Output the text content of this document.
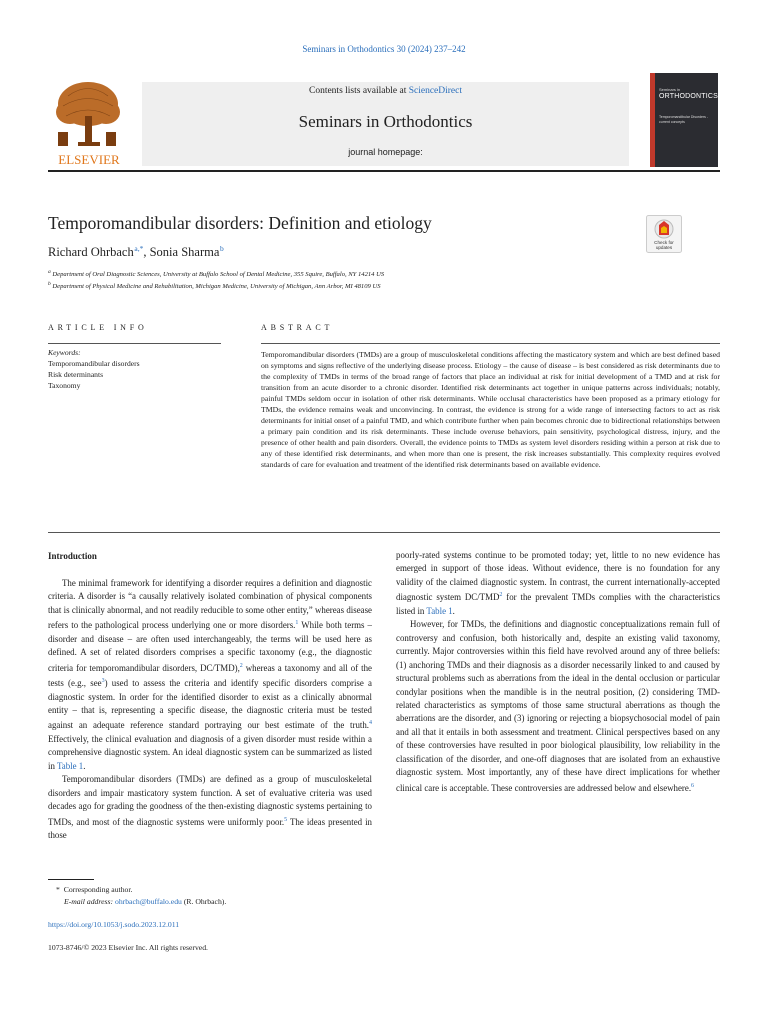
Seminars in Orthodontics 30 (2024) 237–242
ELSEVIER
Contents lists available at ScienceDirect
Seminars in Orthodontics
journal homepage:
Seminars in
ORTHODONTICS
Temporomandibular Disorders - current concepts
Temporomandibular disorders: Definition and etiology
Richard Ohrbach $^{a,*}$, Sonia Sharma $^b$
Check for updates
$^a$ Department of Oral Diagnostic Sciences, University at Buffalo School of Dental Medicine, 355 Squire, Buffalo, NY 14214 US
$^b$ Department of Physical Medicine and Rehabilitation, Michigan Medicine, University of Michigan, Ann Arbor, MI 48109 US
ARTICLE INFO	ABSTRACT
Keywords:
Temporomandibular disorders
Risk determinants
Taxonomy
Temporomandibular disorders (TMDs) are a group of musculoskeletal conditions affecting the masticatory system and which are best defined based on symptoms and signs reflective of the underlying disease process. Etiology – the cause of disease – is best considered as risk determinants due to the complexity of TMDs in terms of the broad range of factors that place an individual at risk for initial development of a TMD and at risk for transition from an acute disorder to a chronic disorder. Identified risk determinants act together in unique patterns across individuals; notably, painful TMDs seldom occur in isolation of other risk determinants. While occlusal characteristics have been proposed as a primary etiology for TMDs, the evidence remains weak and unconvincing. In contrast, the evidence is strong for a wide range of intersecting factors to act as risk determinants for initial onset of a painful TMD, and which contribute further when pain becomes chronic due to bidirectional relationships between a primary pain condition and its risk determinants. These include overuse behaviors, pain sensitivity, psychological distress, injury, and the presence of other health and pain disorders. Overall, the evidence points to TMDs as system level disorders residing within a person at risk due to any of these identified risk determinants, and when more than one is present, the risk increases substantially. This complexity requires evolved standards of care for evaluation and treatment of the identified risk determinants based on available evidence.
Introduction

The minimal framework for identifying a disorder requires a definition and diagnostic criteria. A disorder is “a causally relatively isolated combination of physical components that is clinically abnormal, and not readily reducible to some other entity,” whereas disease refers to the pathological process underlying one or more disorders.$^1$ While both terms – disorder and disease – are often used interchangeably, the terms will be used here as defined. A set of related disorders comprises a specific taxonomy (e.g., the diagnostic criteria for temporomandibular disorders, DC/TMD),$^2$ whereas a taxonomy and all of the tests (e.g., see$^3$) used to assess the criteria and identify specific disorders comprise a diagnostic system. In order for the identified disorder to exist as a clinically abnormal entity – that is, representing a specific disease, the diagnostic criteria must be tested against an adequate reference standard portraying our best estimate of the truth.$^4$ Effectively, the clinical evaluation and diagnosis of a given disorder must reside within a comprehensive diagnostic system. An ideal diagnostic system can be summarized as listed in Table 1.

Temporomandibular disorders (TMDs) are defined as a group of musculoskeletal disorders and impair masticatory system function. A set of evaluative criteria was used decades ago for grading the goodness of the then-existing diagnostic systems pertaining to TMDs, and most of the diagnostic systems were uniformly poor.$^5$ The ideas presented in those

poorly-rated systems continue to be promoted today; yet, little to no new evidence has emerged in support of those ideas. Without evidence, there is no foundation for any validity of the claimed diagnostic system. In contrast, the current internationally-accepted diagnostic system DC/TMD$^2$ for the prevalent TMDs complies with the characteristics listed in Table 1.

However, for TMDs, the definitions and diagnostic conceptualizations remain full of controversy and confusion, both historically and, despite an existing valid taxonomy, currently. Major controversies within this field have revolved around any of three beliefs: (1) anchoring TMDs and their diagnosis as a disorder necessarily linked to and caused by structural problems such as aberrations from the ideal in the dental occlusion or particular condylar positions when the mandible is in the neutral position, (2) considering TMD-related characteristics as symptoms of those same structural aberrations as though the aberrations are the disorder, and (3) ignoring or rejecting a biopsychosocial model of pain and all that it entails in both assessment and treatment. Clinical perspectives based on any of these controversies have resulted in poor biological plausibility, low reliability in the classification of the disorder, and one-off diagnoses that are isolated from an exhaustive diagnostic system. Most importantly, any of these have direct implications for whether clinical care is acceptable. These controversies are addressed below and elsewhere.$^6$

* Corresponding author.
E-mail address: ohrbach@buffalo.edu (R. Ohrbach).
https://doi.org/10.1053/j.sodo.2023.12.011
1073-8746/© 2023 Elsevier Inc. All rights reserved.
